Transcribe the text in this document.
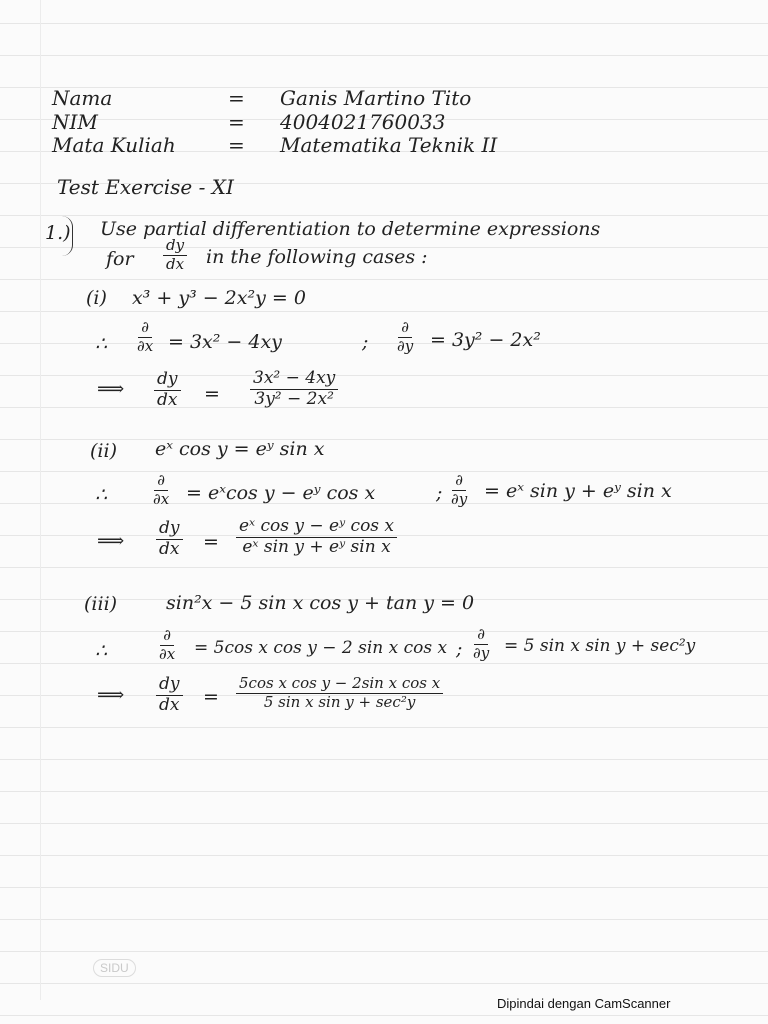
Nama	= Ganis Martino Tito
NIM	= 4004021760033
Mata Kuliah	= Matematika Teknik II
Test Exercise - XI
1.) Use partial differentiation to determine expressions
for $\frac{dy}{dx}$ in the following cases :
(i) x³ + y³ − 2x²y = 0
∴
∂
∂x = 3x² − 4xy	;
∂
∂y = 3y² − 2x²
⟹ $\frac{dy}{dx} = \frac{\text{3x² − 4xy}}{\text{3y² − 2x²}}$
(ii) eˣ cos y = eʸ sin x
∴
∂
∂x = eˣcos y − eʸ cos x	;
∂
∂y = eˣ sin y + eʸ sin x
⟹ $\frac{dy}{dx} = \frac{\text{eˣ cos y − eʸ cos x}}{\text{eˣ sin y + eʸ sin x}}$
(iii)	sin²x − 5 sin x cos y + tan y = 0
∴
∂
∂x = 5cos x cos y − 2 sin x cos x ;
∂
∂y = 5 sin x sin y + sec²y
⟹ $\frac{dy}{dx}$ =
5cos x cos y − 2sin x cos x
5 sin x sin y + sec²y
SIDU
Dipindai dengan CamScanner
